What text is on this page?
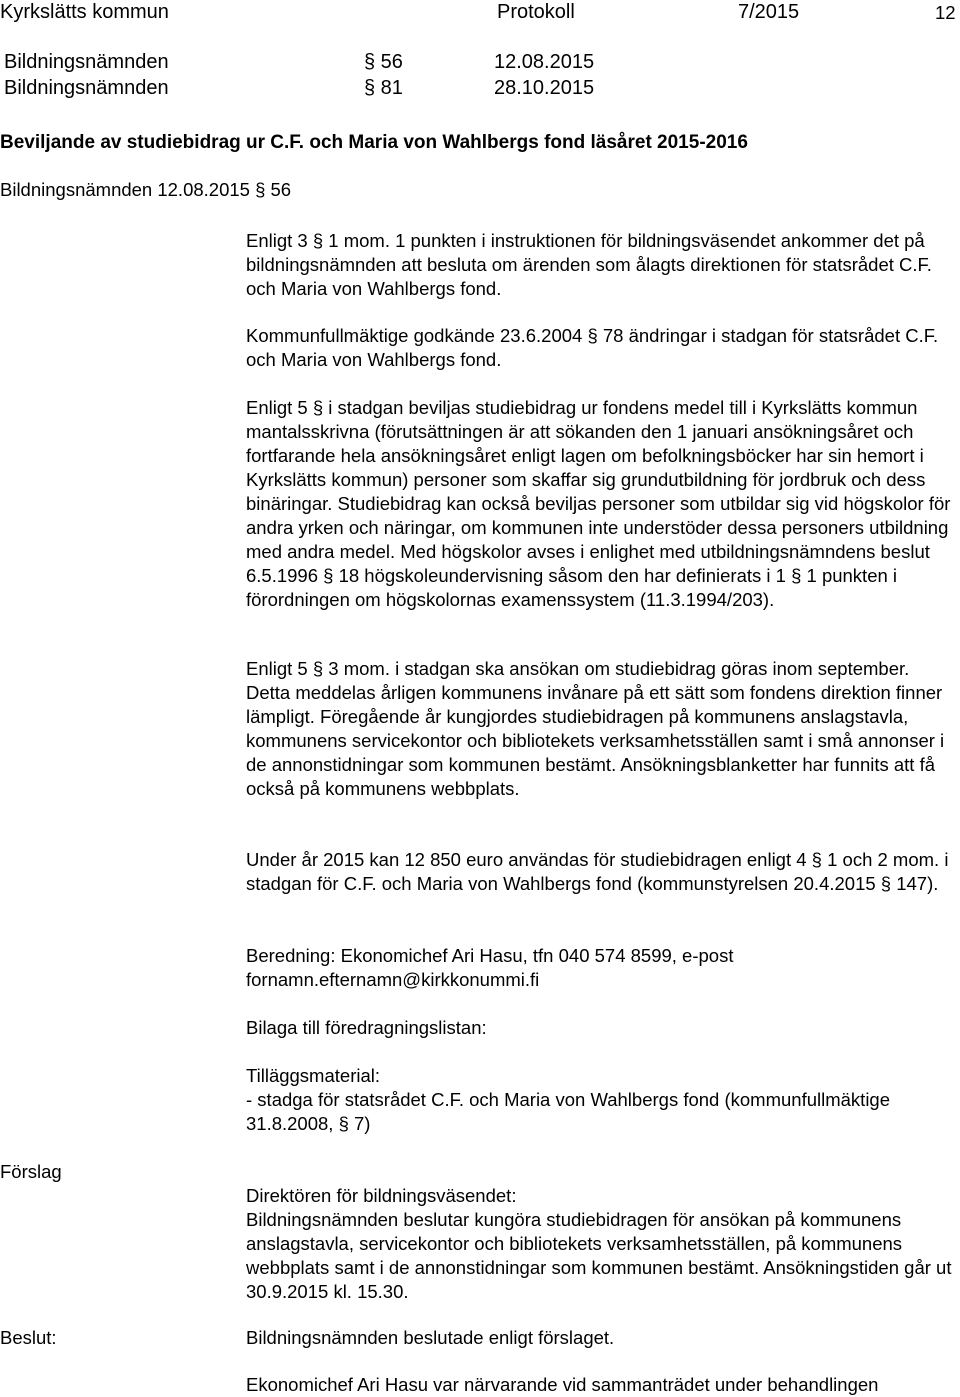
Kyrkslätts kommun	Protokoll	7/2015	12
Bildningsnämnden	§ 56	12.08.2015
Bildningsnämnden	§ 81	28.10.2015
Beviljande av studiebidrag ur C.F. och Maria von Wahlbergs fond läsåret 2015-2016
Bildningsnämnden 12.08.2015 § 56

Enligt 3 § 1 mom. 1 punkten i instruktionen för bildningsväsendet ankommer det på bildningsnämnden att besluta om ärenden som ålagts direktionen för statsrådet C.F. och Maria von Wahlbergs fond.

Kommunfullmäktige godkände 23.6.2004 § 78 ändringar i stadgan för statsrådet C.F. och Maria von Wahlbergs fond.

Enligt 5 § i stadgan beviljas studiebidrag ur fondens medel till i Kyrkslätts kommun mantalsskrivna (förutsättningen är att sökanden den 1 januari ansökningsåret och fortfarande hela ansökningsåret enligt lagen om befolkningsböcker har sin hemort i Kyrkslätts kommun) personer som skaffar sig grundutbildning för jordbruk och dess binäringar. Studiebidrag kan också beviljas personer som utbildar sig vid högskolor för andra yrken och näringar, om kommunen inte understöder dessa personers utbildning med andra medel. Med högskolor avses i enlighet med utbildningsnämndens beslut 6.5.1996 § 18 högskoleundervisning såsom den har definierats i 1 § 1 punkten i förordningen om högskolornas examenssystem (11.3.1994/203).

Enligt 5 § 3 mom. i stadgan ska ansökan om studiebidrag göras inom september. Detta meddelas årligen kommunens invånare på ett sätt som fondens direktion finner lämpligt. Föregående år kungjordes studiebidragen på kommunens anslagstavla, kommunens servicekontor och bibliotekets verksamhetsställen samt i små annonser i de annonstidningar som kommunen bestämt. Ansökningsblanketter har funnits att få också på kommunens webbplats.

Under år 2015 kan 12 850 euro användas för studiebidragen enligt 4 § 1 och 2 mom. i stadgan för C.F. och Maria von Wahlbergs fond (kommunstyrelsen 20.4.2015 § 147).

Beredning: Ekonomichef Ari Hasu, tfn 040 574 8599, e-post fornamn.efternamn@kirkkonummi.fi

Bilaga till föredragningslistan:

Tilläggsmaterial:

- stadga för statsrådet C.F. och Maria von Wahlbergs fond (kommunfullmäktige 31.8.2008, § 7)

Förslag

Direktören för bildningsväsendet:

Bildningsnämnden beslutar kungöra studiebidragen för ansökan på kommunens anslagstavla, servicekontor och bibliotekets verksamhetsställen, på kommunens webbplats samt i de annonstidningar som kommunen bestämt. Ansökningstiden går ut 30.9.2015 kl. 15.30.

Beslut:	Bildningsnämnden beslutade enligt förslaget.

Ekonomichef Ari Hasu var närvarande vid sammanträdet under behandlingen
